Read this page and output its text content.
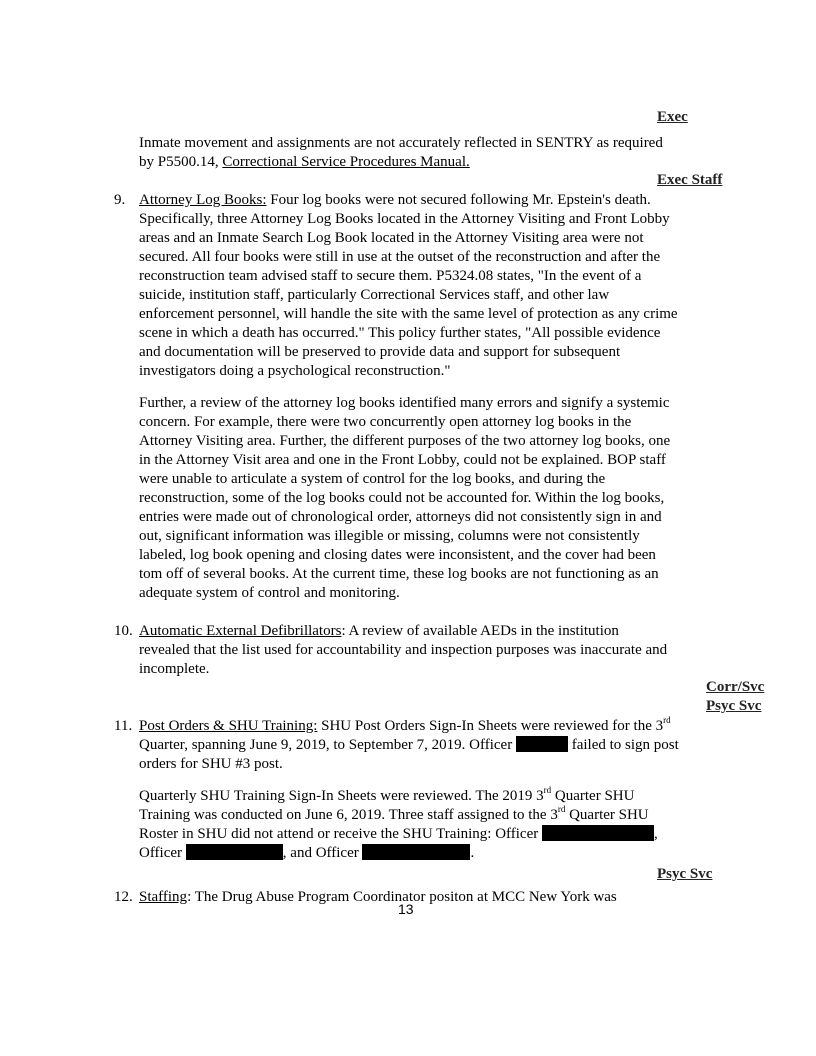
Exec
Inmate movement and assignments are not accurately reflected in SENTRY as required
by P5500.14, Correctional Service Procedures Manual.
Exec Staff
9. Attorney Log Books: Four log books were not secured following Mr. Epstein's death.
Specifically, three Attorney Log Books located in the Attorney Visiting and Front Lobby
areas and an Inmate Search Log Book located in the Attorney Visiting area were not
secured. All four books were still in use at the outset of the reconstruction and after the
reconstruction team advised staff to secure them. P5324.08 states, "In the event of a
suicide, institution staff, particularly Correctional Services staff, and other law
enforcement personnel, will handle the site with the same level of protection as any crime
scene in which a death has occurred." This policy further states, "All possible evidence
and documentation will be preserved to provide data and support for subsequent
investigators doing a psychological reconstruction."
Further, a review of the attorney log books identified many errors and signify a systemic
concern. For example, there were two concurrently open attorney log books in the
Attorney Visiting area. Further, the different purposes of the two attorney log books, one
in the Attorney Visit area and one in the Front Lobby, could not be explained. BOP staff
were unable to articulate a system of control for the log books, and during the
reconstruction, some of the log books could not be accounted for. Within the log books,
entries were made out of chronological order, attorneys did not consistently sign in and
out, significant information was illegible or missing, columns were not consistently
labeled, log book opening and closing dates were inconsistent, and the cover had been
tom off of several books. At the current time, these log books are not functioning as an
adequate system of control and monitoring.
10. Automatic External Defibrillators: A review of available AEDs in the institution
revealed that the list used for accountability and inspection purposes was inaccurate and
incomplete.
Corr/Svc
Psyc Svc
11. Post Orders & SHU Training: SHU Post Orders Sign-In Sheets were reviewed for the 3rd
Quarter, spanning June 9, 2019, to September 7, 2019. Officer	failed to sign post
orders for SHU #3 post.
Quarterly SHU Training Sign-In Sheets were reviewed. The 2019 3rd Quarter SHU
Training was conducted on June 6, 2019. Three staff assigned to the 3rd Quarter SHU
Roster in SHU did not attend or receive the SHU Training: Officer	,
Officer	, and Officer	.
Psyc Svc
12. Staffing: The Drug Abuse Program Coordinator positon at MCC New York was
13
